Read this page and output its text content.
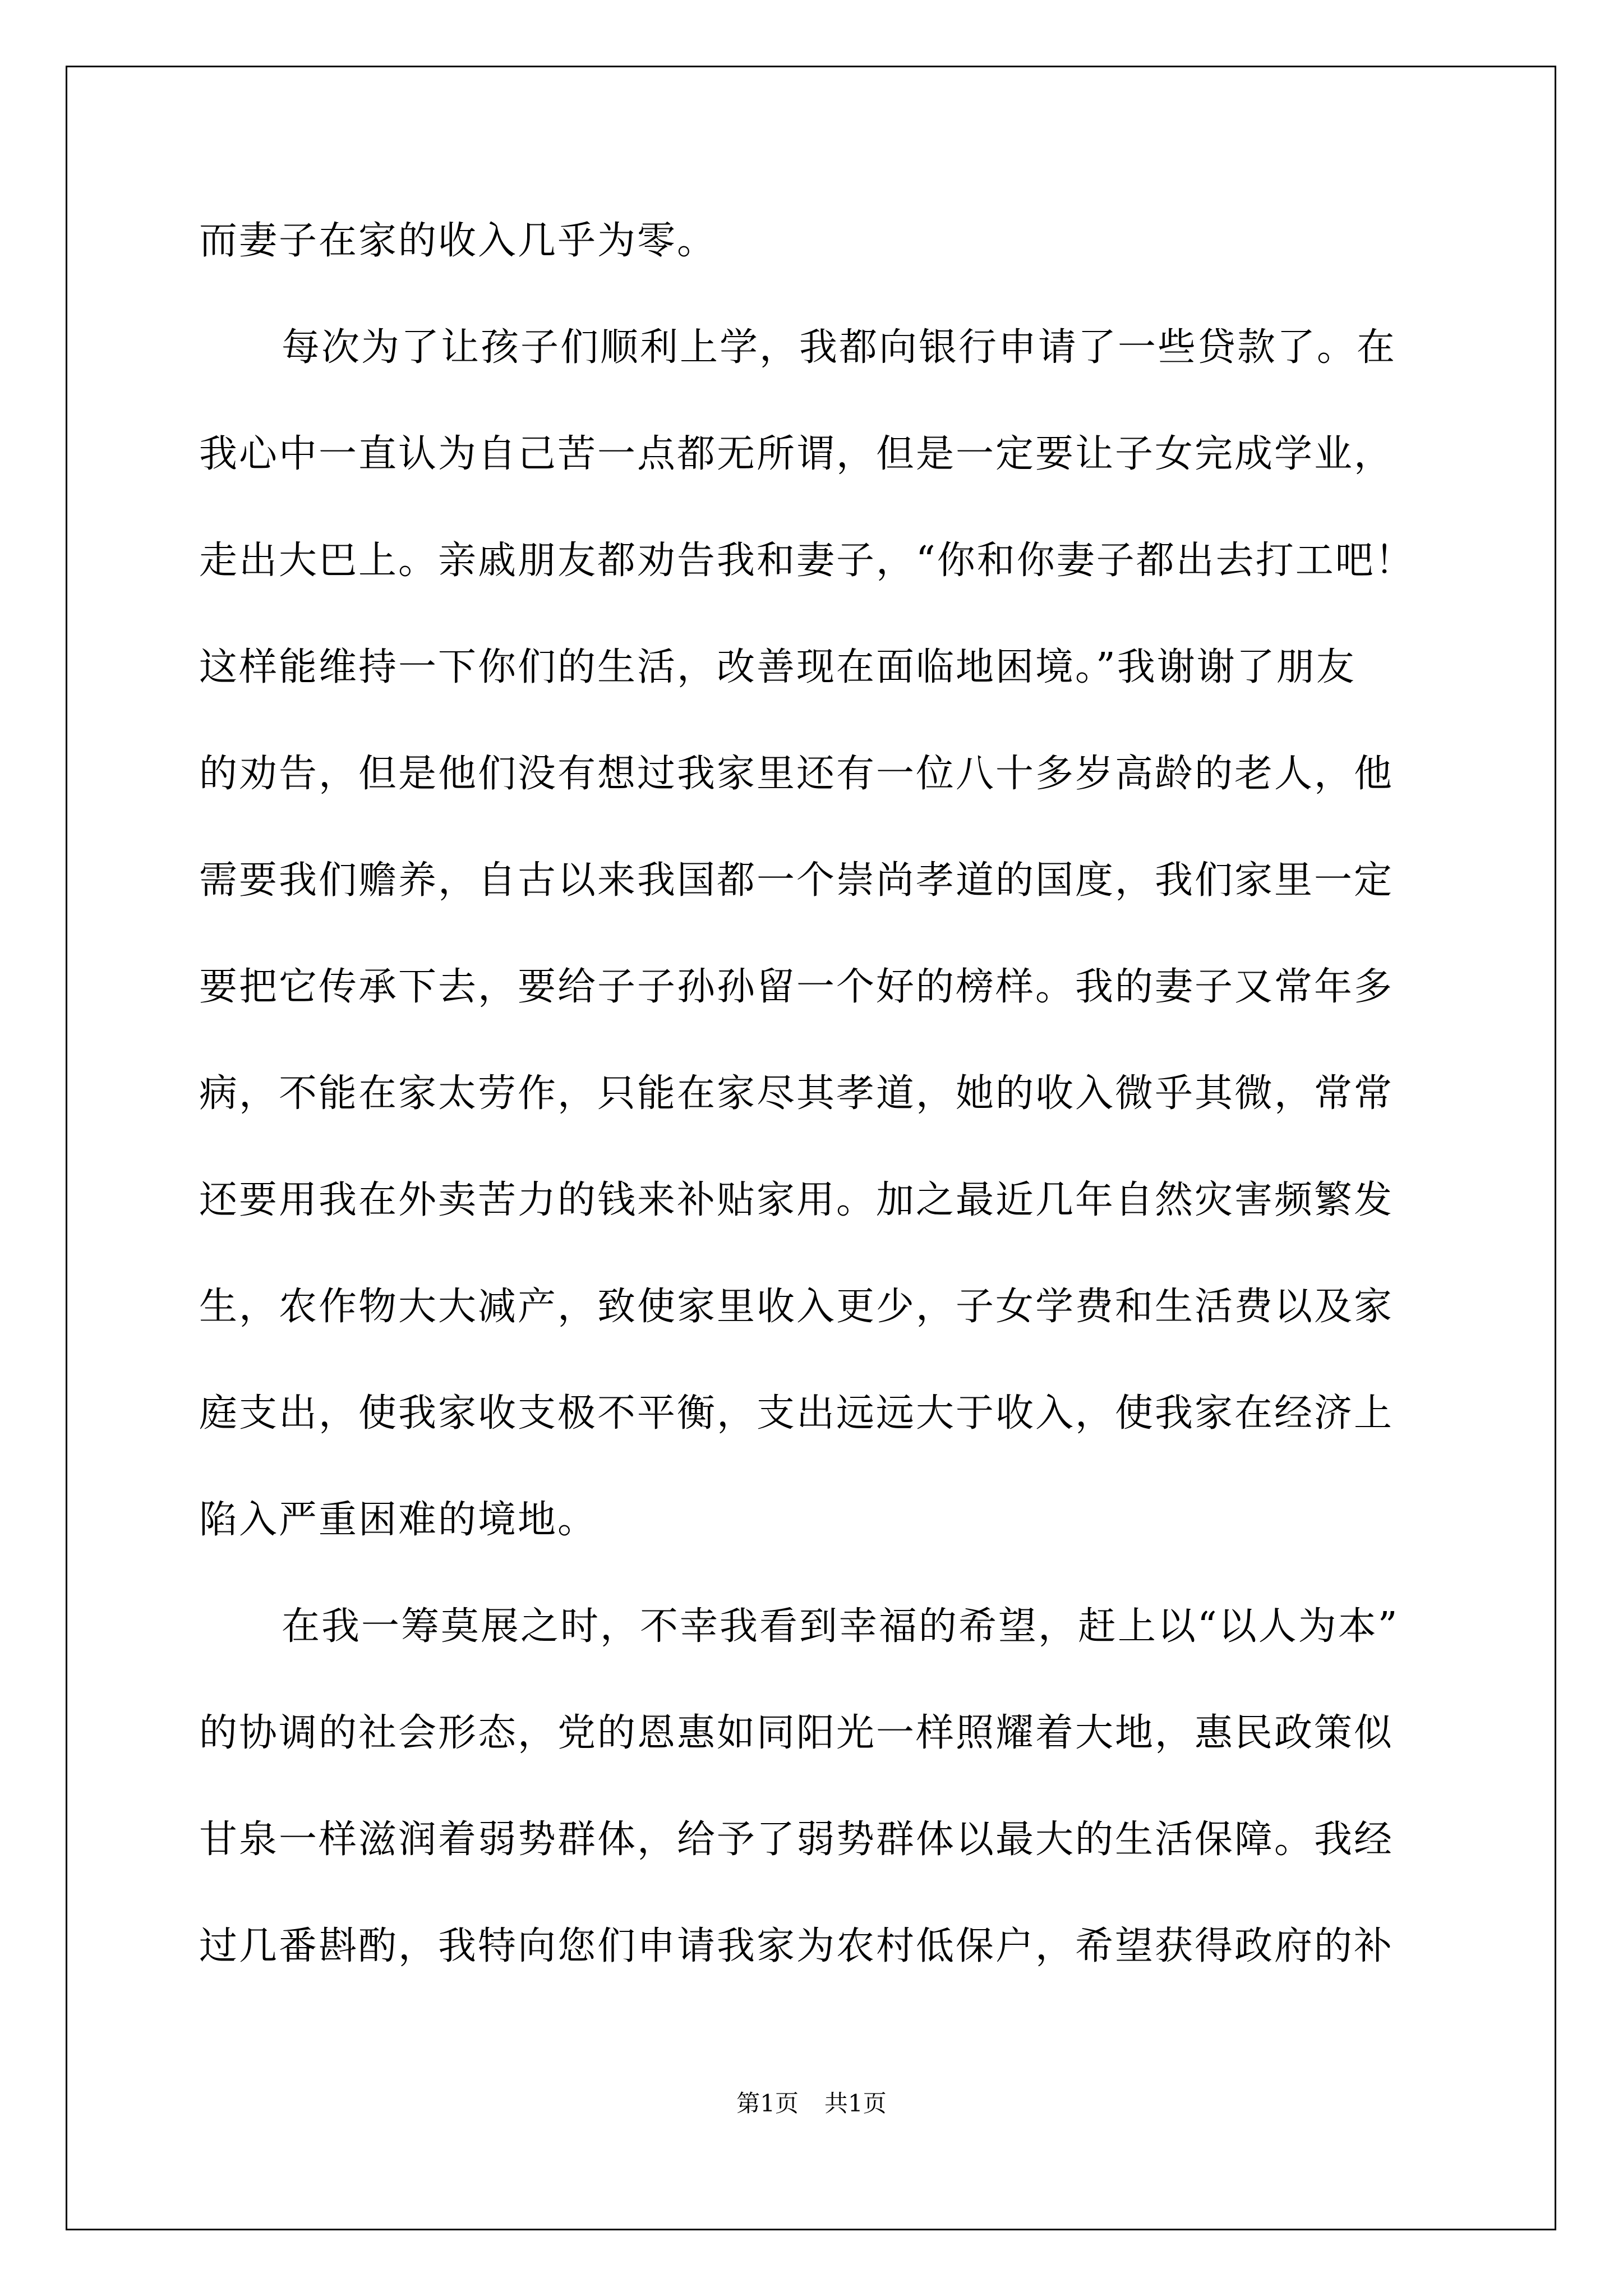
而妻子在家的收入几乎为零。
每次为了让孩子们顺利上学，我都向银行申请了一些贷款了。在
我心中一直认为自己苦一点都无所谓，但是一定要让子女完成学业，
走出大巴上。亲戚朋友都劝告我和妻子，“你和你妻子都出去打工吧！
这样能维持一下你们的生活，改善现在面临地困境。”我谢谢了朋友
的劝告，但是他们没有想过我家里还有一位八十多岁高龄的老人，他
需要我们赡养，自古以来我国都一个崇尚孝道的国度，我们家里一定
要把它传承下去，要给子子孙孙留一个好的榜样。我的妻子又常年多
病，不能在家太劳作，只能在家尽其孝道，她的收入微乎其微，常常
还要用我在外卖苦力的钱来补贴家用。加之最近几年自然灾害频繁发
生，农作物大大减产，致使家里收入更少，子女学费和生活费以及家
庭支出，使我家收支极不平衡，支出远远大于收入，使我家在经济上
陷入严重困难的境地。
在我一筹莫展之时，不幸我看到幸福的希望，赶上以“以人为本”
的协调的社会形态，党的恩惠如同阳光一样照耀着大地，惠民政策似
甘泉一样滋润着弱势群体，给予了弱势群体以最大的生活保障。我经
过几番斟酌，我特向您们申请我家为农村低保户，希望获得政府的补
第1页 共1页
